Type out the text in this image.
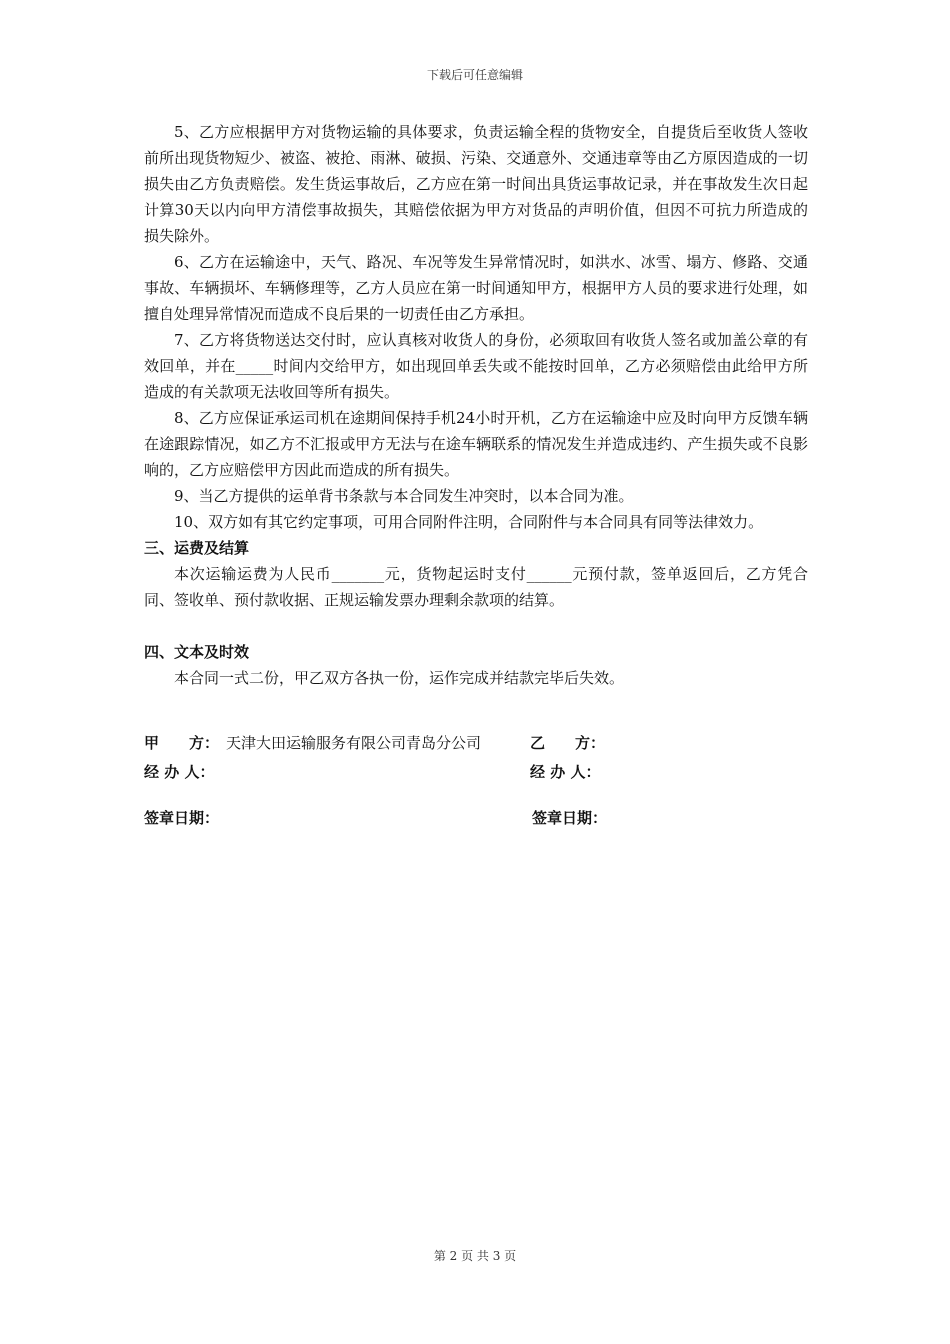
下载后可任意编辑

5、乙方应根据甲方对货物运输的具体要求，负责运输全程的货物安全，自提货后至收货人签收前所出现货物短少、被盗、被抢、雨淋、破损、污染、交通意外、交通违章等由乙方原因造成的一切损失由乙方负责赔偿。发生货运事故后，乙方应在第一时间出具货运事故记录，并在事故发生次日起计算30天以内向甲方清偿事故损失，其赔偿依据为甲方对货品的声明价值，但因不可抗力所造成的损失除外。

6、乙方在运输途中，天气、路况、车况等发生异常情况时，如洪水、冰雪、塌方、修路、交通事故、车辆损坏、车辆修理等，乙方人员应在第一时间通知甲方，根据甲方人员的要求进行处理，如擅自处理异常情况而造成不良后果的一切责任由乙方承担。

7、乙方将货物送达交付时，应认真核对收货人的身份，必须取回有收货人签名或加盖公章的有效回单，并在_____时间内交给甲方，如出现回单丢失或不能按时回单，乙方必须赔偿由此给甲方所造成的有关款项无法收回等所有损失。

8、乙方应保证承运司机在途期间保持手机24小时开机，乙方在运输途中应及时向甲方反馈车辆在途跟踪情况，如乙方不汇报或甲方无法与在途车辆联系的情况发生并造成违约、产生损失或不良影响的，乙方应赔偿甲方因此而造成的所有损失。

9、当乙方提供的运单背书条款与本合同发生冲突时，以本合同为准。

10、双方如有其它约定事项，可用合同附件注明，合同附件与本合同具有同等法律效力。

三、运费及结算

本次运输运费为人民币_______元，货物起运时支付______元预付款，签单返回后，乙方凭合同、签收单、预付款收据、正规运输发票办理剩余款项的结算。

四、文本及时效

本合同一式二份，甲乙双方各执一份，运作完成并结款完毕后失效。

甲　　方： 天津大田运输服务有限公司青岛分公司	乙　　方：
经 办 人：	经 办 人：
签章日期：	签章日期：
第 2 页 共 3 页
